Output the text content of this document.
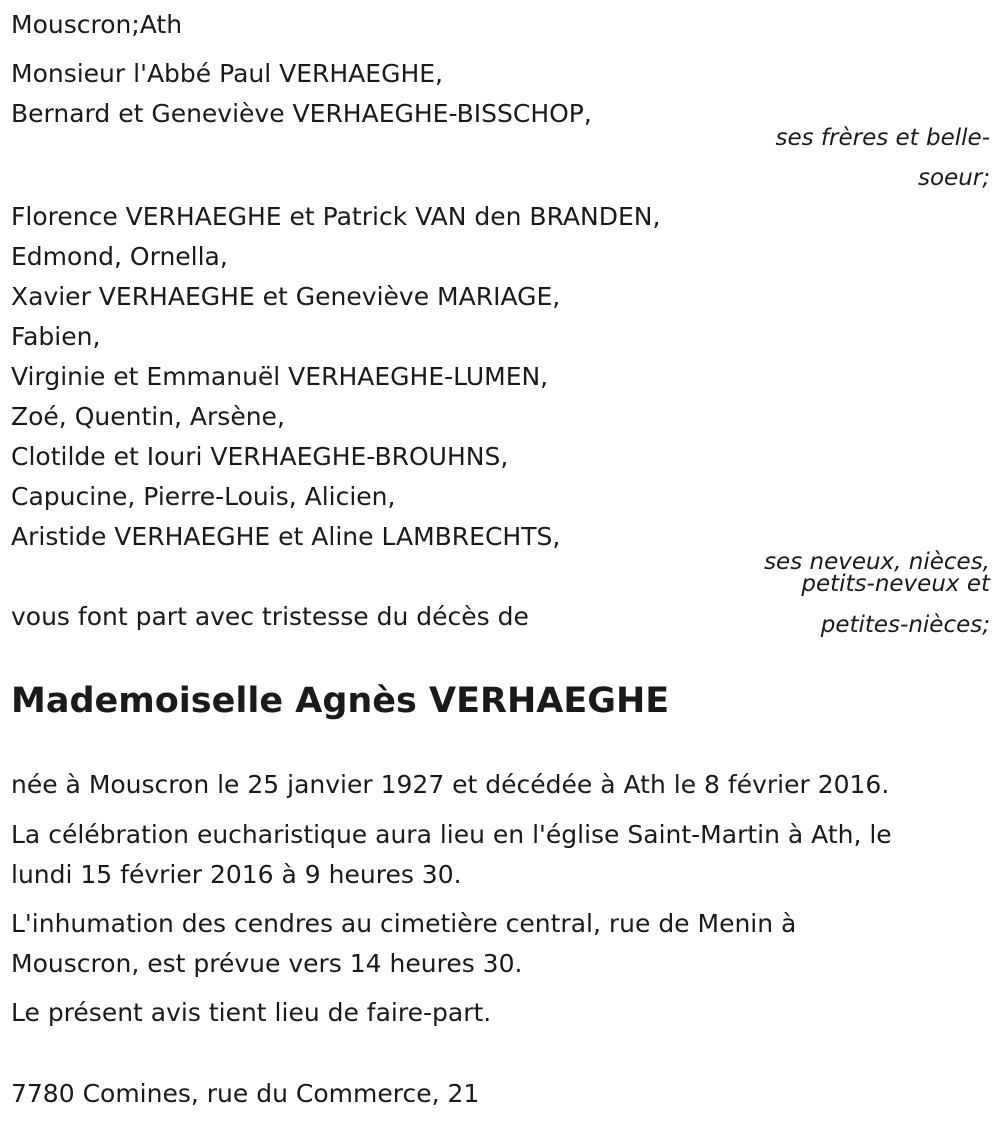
Mouscron;Ath
Monsieur l'Abbé Paul VERHAEGHE,
Bernard et Geneviève VERHAEGHE-BISSCHOP,
ses frères et belle-
soeur;
Florence VERHAEGHE et Patrick VAN den BRANDEN,
Edmond, Ornella,
Xavier VERHAEGHE et Geneviève MARIAGE,
Fabien,
Virginie et Emmanuël VERHAEGHE-LUMEN,
Zoé, Quentin, Arsène,
Clotilde et Iouri VERHAEGHE-BROUHNS,
Capucine, Pierre-Louis, Alicien,
Aristide VERHAEGHE et Aline LAMBRECHTS,
ses neveux, nièces,
petits-neveux et
petites-nièces;
vous font part avec tristesse du décès de
Mademoiselle Agnès VERHAEGHE
née à Mouscron le 25 janvier 1927 et décédée à Ath le 8 février 2016.
La célébration eucharistique aura lieu en l'église Saint-Martin à Ath, le
lundi 15 février 2016 à 9 heures 30.
L'inhumation des cendres au cimetière central, rue de Menin à
Mouscron, est prévue vers 14 heures 30.
Le présent avis tient lieu de faire-part.
7780 Comines, rue du Commerce, 21
